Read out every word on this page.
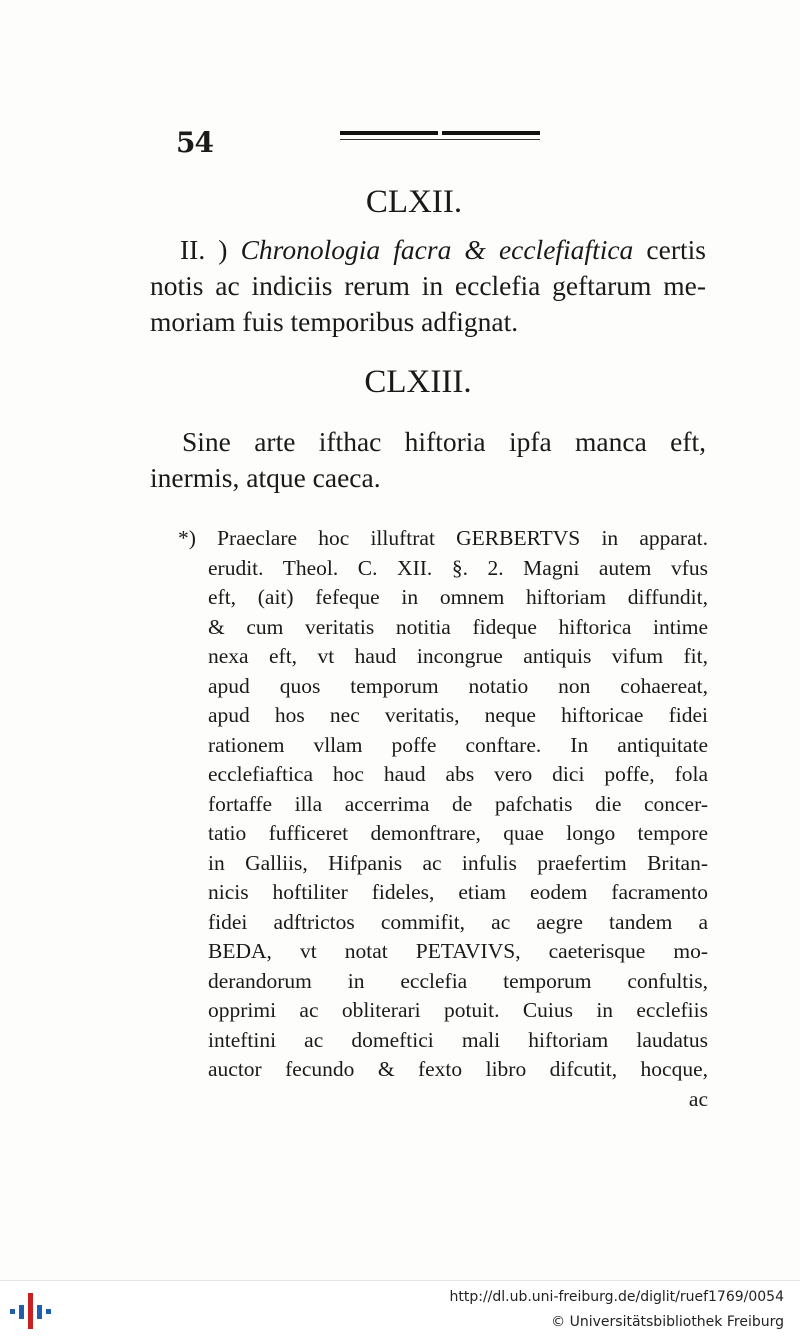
54
CLXII.
II. ) Chronologia facra & ecclefiaftica certis
notis ac indiciis rerum in ecclefia geftarum me-
moriam fuis temporibus adfignat.
CLXIII.
Sine arte ifthac hiftoria ipfa manca eft,
inermis, atque caeca.
*) Praeclare hoc illuftrat GERBERTVS in apparat.
erudit. Theol. C. XII. §. 2. Magni autem vfus
eft, (ait) fefeque in omnem hiftoriam diffundit,
& cum veritatis notitia fideque hiftorica intime
nexa eft, vt haud incongrue antiquis vifum fit,
apud quos temporum notatio non cohaereat,
apud hos nec veritatis, neque hiftoricae fidei
rationem vllam poffe conftare. In antiquitate
ecclefiaftica hoc haud abs vero dici poffe, fola
fortaffe illa accerrima de pafchatis die concer-
tatio fufficeret demonftrare, quae longo tempore
in Galliis, Hifpanis ac infulis praefertim Britan-
nicis hoftiliter fideles, etiam eodem facramento
fidei adftrictos commifit, ac aegre tandem a
BEDA, vt notat PETAVIVS, caeterisque mo-
derandorum in ecclefia temporum confultis,
opprimi ac obliterari potuit. Cuius in ecclefiis
inteftini ac domeftici mali hiftoriam laudatus
auctor fecundo & fexto libro difcutit, hocque,
ac
http://dl.ub.uni-freiburg.de/diglit/ruef1769/0054
© Universitätsbibliothek Freiburg
